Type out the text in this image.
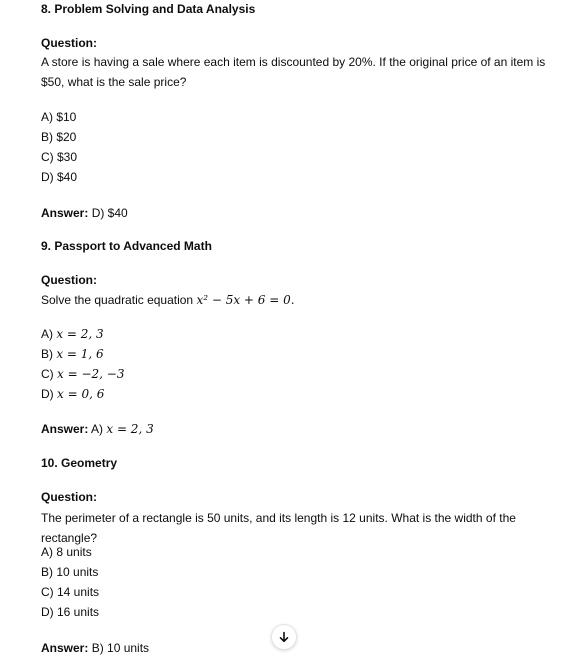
8. Problem Solving and Data Analysis

Question:

A store is having a sale where each item is discounted by 20%. If the original price of an item is $50, what is the sale price?

A) $10

B) $20

C) $30

D) $40

Answer: D) $40

9. Passport to Advanced Math

Question:

Solve the quadratic equation x² − 5x + 6 = 0.

A) x = 2, 3

B) x = 1, 6

C) x = −2, −3

D) x = 0, 6

Answer: A) x = 2, 3

10. Geometry

Question:

The perimeter of a rectangle is 50 units, and its length is 12 units. What is the width of the rectangle?

A) 8 units

B) 10 units

C) 14 units

D) 16 units

Answer: B) 10 units
